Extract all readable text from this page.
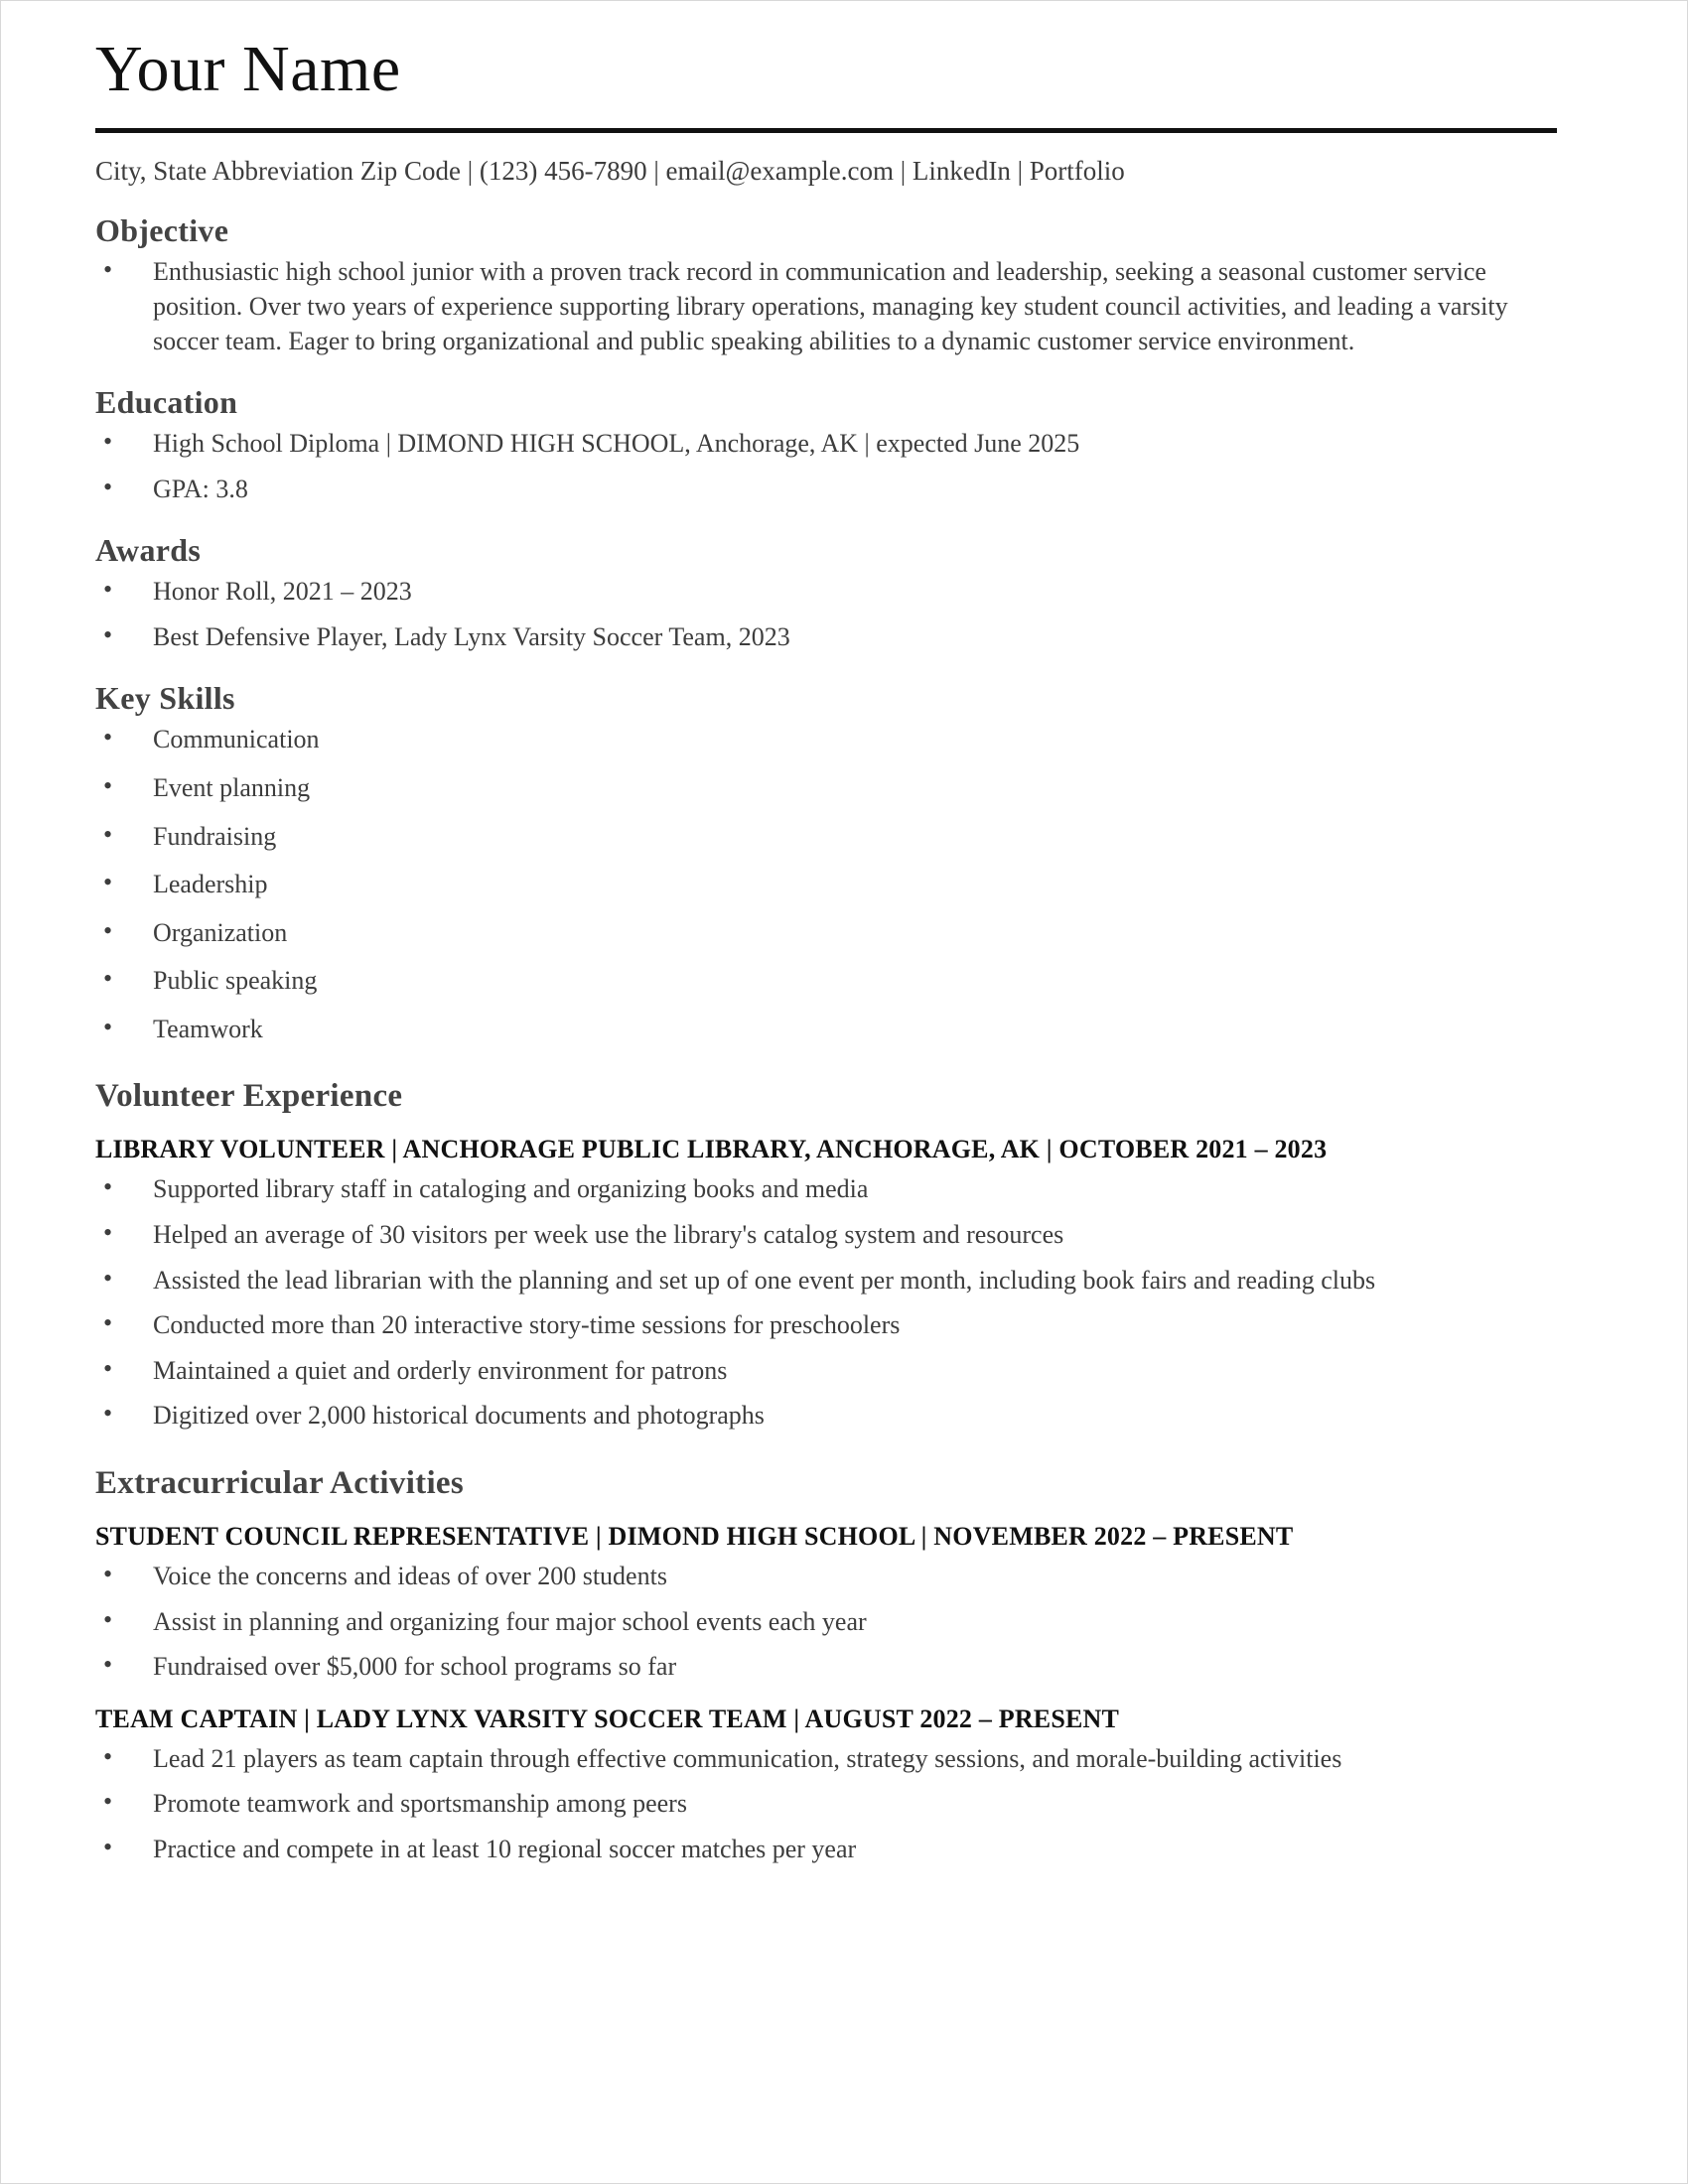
Your Name
City, State Abbreviation Zip Code | (123) 456-7890 | email@example.com | LinkedIn | Portfolio
Objective
• Enthusiastic high school junior with a proven track record in communication and leadership, seeking a seasonal customer service position. Over two years of experience supporting library operations, managing key student council activities, and leading a varsity soccer team. Eager to bring organizational and public speaking abilities to a dynamic customer service environment.
Education
• High School Diploma | DIMOND HIGH SCHOOL, Anchorage, AK | expected June 2025
• GPA: 3.8
Awards
• Honor Roll, 2021 – 2023
• Best Defensive Player, Lady Lynx Varsity Soccer Team, 2023
Key Skills
• Communication
• Event planning
• Fundraising
• Leadership
• Organization
• Public speaking
• Teamwork
Volunteer Experience
LIBRARY VOLUNTEER | ANCHORAGE PUBLIC LIBRARY, ANCHORAGE, AK | OCTOBER 2021 – 2023
• Supported library staff in cataloging and organizing books and media
• Helped an average of 30 visitors per week use the library's catalog system and resources
• Assisted the lead librarian with the planning and set up of one event per month, including book fairs and reading clubs
• Conducted more than 20 interactive story-time sessions for preschoolers
• Maintained a quiet and orderly environment for patrons
• Digitized over 2,000 historical documents and photographs
Extracurricular Activities
STUDENT COUNCIL REPRESENTATIVE | DIMOND HIGH SCHOOL | NOVEMBER 2022 – PRESENT
• Voice the concerns and ideas of over 200 students
• Assist in planning and organizing four major school events each year
• Fundraised over $5,000 for school programs so far
TEAM CAPTAIN | LADY LYNX VARSITY SOCCER TEAM | AUGUST 2022 – PRESENT
• Lead 21 players as team captain through effective communication, strategy sessions, and morale-building activities
• Promote teamwork and sportsmanship among peers
• Practice and compete in at least 10 regional soccer matches per year
